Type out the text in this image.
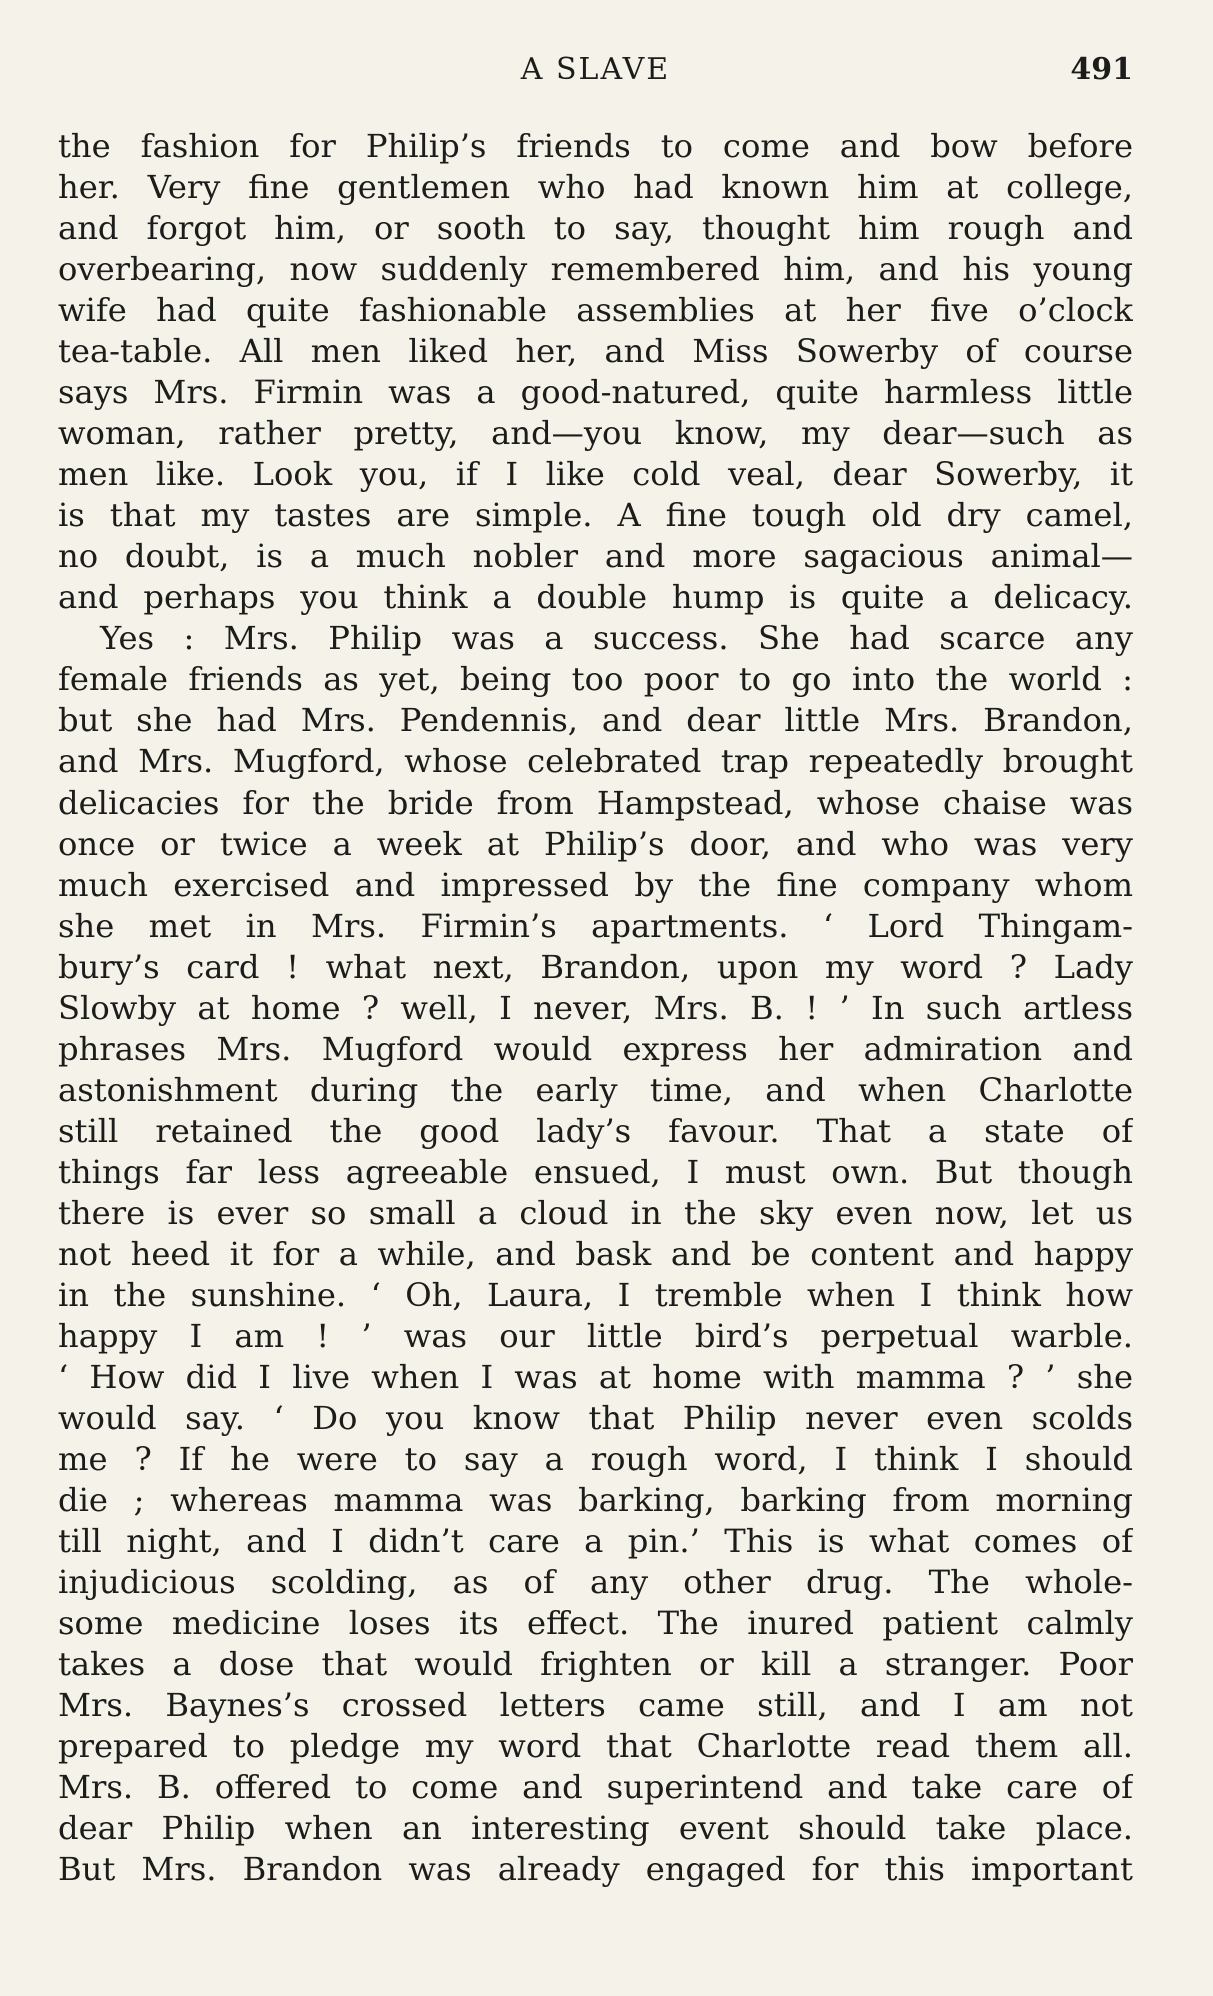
A SLAVE	491
the fashion for Philip’s friends to come and bow before
her. Very fine gentlemen who had known him at college,
and forgot him, or sooth to say, thought him rough and
overbearing, now suddenly remembered him, and his young
wife had quite fashionable assemblies at her five o’clock
tea-table. All men liked her, and Miss Sowerby of course
says Mrs. Firmin was a good-natured, quite harmless little
woman, rather pretty, and—you know, my dear—such as
men like. Look you, if I like cold veal, dear Sowerby, it
is that my tastes are simple. A fine tough old dry camel,
no doubt, is a much nobler and more sagacious animal—
and perhaps you think a double hump is quite a delicacy.
Yes : Mrs. Philip was a success. She had scarce any
female friends as yet, being too poor to go into the world :
but she had Mrs. Pendennis, and dear little Mrs. Brandon,
and Mrs. Mugford, whose celebrated trap repeatedly brought
delicacies for the bride from Hampstead, whose chaise was
once or twice a week at Philip’s door, and who was very
much exercised and impressed by the fine company whom
she met in Mrs. Firmin’s apartments. ‘ Lord Thingam-
bury’s card ! what next, Brandon, upon my word ? Lady
Slowby at home ? well, I never, Mrs. B. ! ’ In such artless
phrases Mrs. Mugford would express her admiration and
astonishment during the early time, and when Charlotte
still retained the good lady’s favour. That a state of
things far less agreeable ensued, I must own. But though
there is ever so small a cloud in the sky even now, let us
not heed it for a while, and bask and be content and happy
in the sunshine. ‘ Oh, Laura, I tremble when I think how
happy I am ! ’ was our little bird’s perpetual warble.
‘ How did I live when I was at home with mamma ? ’ she
would say. ‘ Do you know that Philip never even scolds
me ? If he were to say a rough word, I think I should
die ; whereas mamma was barking, barking from morning
till night, and I didn’t care a pin.’ This is what comes of
injudicious scolding, as of any other drug. The whole-
some medicine loses its effect. The inured patient calmly
takes a dose that would frighten or kill a stranger. Poor
Mrs. Baynes’s crossed letters came still, and I am not
prepared to pledge my word that Charlotte read them all.
Mrs. B. offered to come and superintend and take care of
dear Philip when an interesting event should take place.
But Mrs. Brandon was already engaged for this important
